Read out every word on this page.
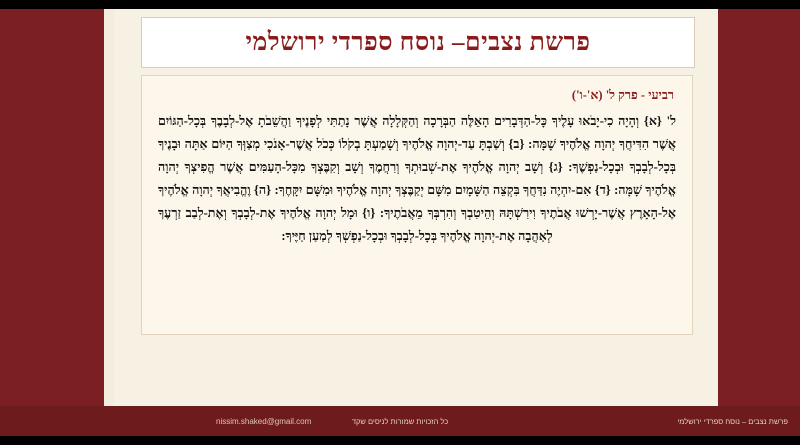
פרשת נצבים– נוסח ספרדי ירושלמי
רביעי - פרק ל' (א'-ו')
ל' {א} וְהָיָה כִי-יָבֹאוּ עָלֶיךָ כָּל-הַדְּבָרִים הָאֵלֶּה הַבְּרָכָה וְהַקְּלָלָה אֲשֶׁר נָתַתִּי לְפָנֶיךָ וַהֲשֵׁבֹתָ אֶל-לְבָבֶךָ בְּכָל-הַגּוֹיִם אֲשֶׁר הִדִּיחֲךָ יְהוָה אֱלֹהֶיךָ שָׁמָּה: {ב} וְשַׁבְתָּ עַד-יְהוָה אֱלֹהֶיךָ וְשָׁמַעְתָּ בְקֹלוֹ כְּכֹל אֲשֶׁר-אָנֹכִי מְצַוְּךָ הַיּוֹם אַתָּה וּבָנֶיךָ בְּכָל-לְבָבְךָ וּבְכָל-נַפְשֶׁךָ: {ג} וְשָׁב יְהוָה אֱלֹהֶיךָ אֶת-שְׁבוּתְךָ וְרִחֲמֶךָ וְשָׁב וְקִבֶּצְךָ מִכָּל-הָעַמִּים אֲשֶׁר הֱפִיצְךָ יְהוָה אֱלֹהֶיךָ שָׁמָּה: {ד} אִם-יִהְיֶה נִדַּחֲךָ בִּקְצֵה הַשָּׁמָיִם מִשָּׁם יְקַבֶּצְךָ יְהוָה אֱלֹהֶיךָ וּמִשָּׁם יִקָּחֶךָ: {ה} וֶהֱבִיאֲךָ יְהוָה אֱלֹהֶיךָ אֶל-הָאָרֶץ אֲשֶׁר-יָרְשׁוּ אֲבֹתֶיךָ וִירִשְׁתָּהּ וְהֵיטִבְךָ וְהִרְבְּךָ מֵאֲבֹתֶיךָ: {ו} וּמָל יְהוָה אֱלֹהֶיךָ אֶת-לְבָבְךָ וְאֶת-לְבַב זַרְעֶךָ לְאַהֲבָה אֶת-יְהוָה אֱלֹהֶיךָ בְּכָל-לְבָבְךָ וּבְכָל-נַפְשְׁךָ לְמַעַן חַיֶּיךָ:
פרשת נצבים – נוסח ספרדי ירושלמי
כל הזכויות שמורות לניסים שקד
nissim.shaked@gmail.com
